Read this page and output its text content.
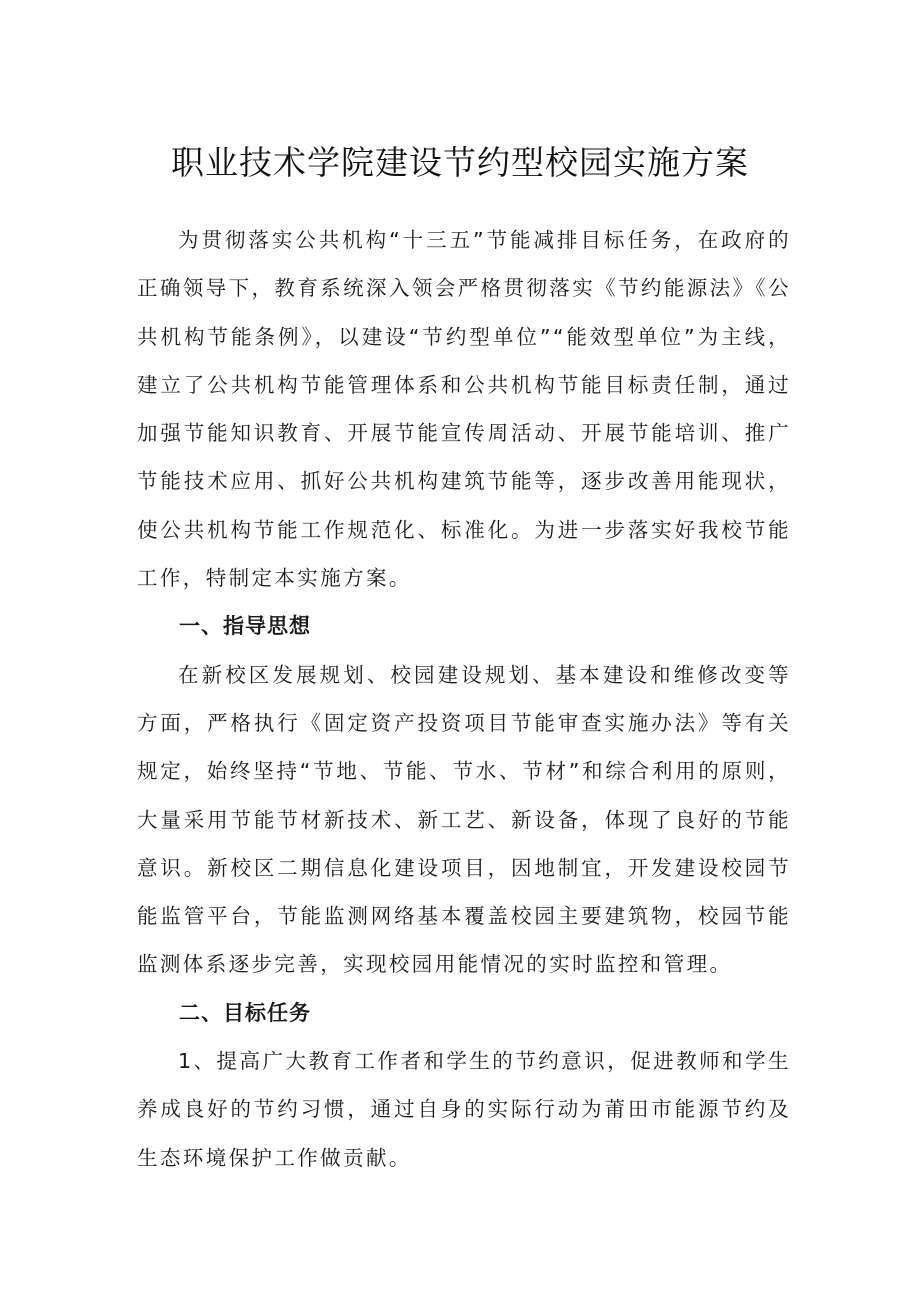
职业技术学院建设节约型校园实施方案

为贯彻落实公共机构“十三五”节能减排目标任务，在政府的正确领导下，教育系统深入领会严格贯彻落实《节约能源法》《公共机构节能条例》，以建设“节约型单位”“能效型单位”为主线，建立了公共机构节能管理体系和公共机构节能目标责任制，通过加强节能知识教育、开展节能宣传周活动、开展节能培训、推广节能技术应用、抓好公共机构建筑节能等，逐步改善用能现状，使公共机构节能工作规范化、标准化。为进一步落实好我校节能工作，特制定本实施方案。

一、指导思想

在新校区发展规划、校园建设规划、基本建设和维修改变等方面，严格执行《固定资产投资项目节能审查实施办法》等有关规定，始终坚持“节地、节能、节水、节材”和综合利用的原则，大量采用节能节材新技术、新工艺、新设备，体现了良好的节能意识。新校区二期信息化建设项目，因地制宜，开发建设校园节能监管平台，节能监测网络基本覆盖校园主要建筑物，校园节能监测体系逐步完善，实现校园用能情况的实时监控和管理。

二、目标任务

1、提高广大教育工作者和学生的节约意识，促进教师和学生养成良好的节约习惯，通过自身的实际行动为莆田市能源节约及生态环境保护工作做贡献。
